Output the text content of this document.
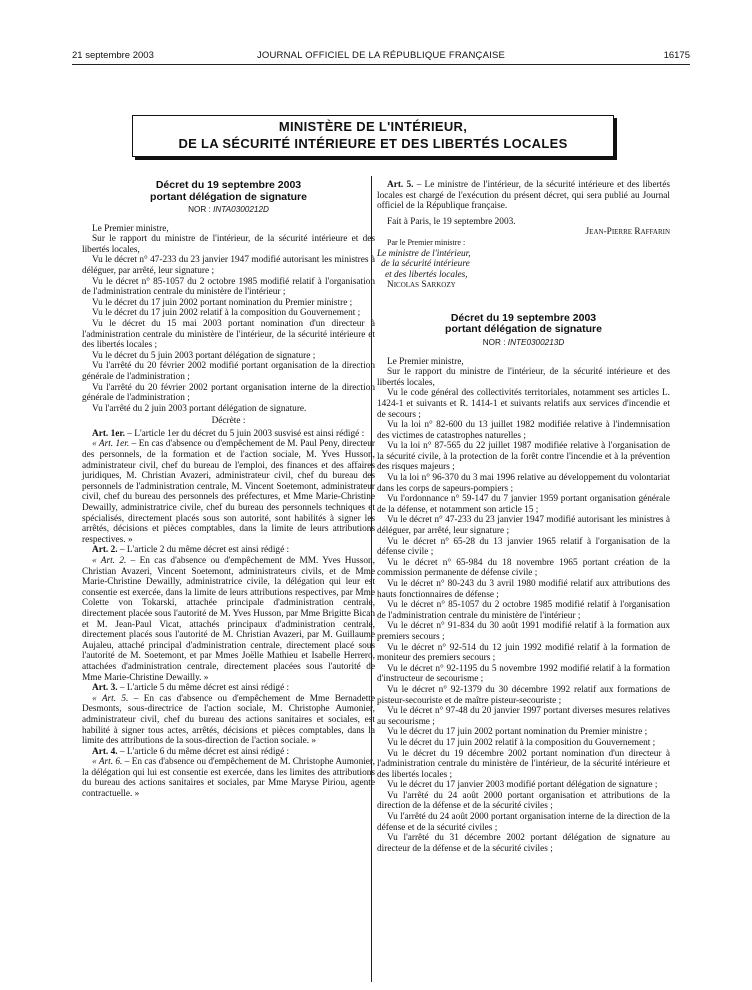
21 septembre 2003	JOURNAL OFFICIEL DE LA RÉPUBLIQUE FRANÇAISE	16175
MINISTÈRE DE L'INTÉRIEUR,
DE LA SÉCURITÉ INTÉRIEURE ET DES LIBERTÉS LOCALES

Décret du 19 septembre 2003

portant délégation de signature

NOR : INTA0300212D

Le Premier ministre,

Sur le rapport du ministre de l'intérieur, de la sécurité intérieure et des libertés locales,

Vu le décret n° 47-233 du 23 janvier 1947 modifié autorisant les ministres à déléguer, par arrêté, leur signature ;

Vu le décret n° 85-1057 du 2 octobre 1985 modifié relatif à l'organisation de l'administration centrale du ministère de l'intérieur ;

Vu le décret du 17 juin 2002 portant nomination du Premier ministre ;

Vu le décret du 17 juin 2002 relatif à la composition du Gouvernement ;

Vu le décret du 15 mai 2003 portant nomination d'un directeur à l'administration centrale du ministère de l'intérieur, de la sécurité intérieure et des libertés locales ;

Vu le décret du 5 juin 2003 portant délégation de signature ;

Vu l'arrêté du 20 février 2002 modifié portant organisation de la direction générale de l'administration ;

Vu l'arrêté du 20 février 2002 portant organisation interne de la direction générale de l'administration ;

Vu l'arrêté du 2 juin 2003 portant délégation de signature.

Décrète :

Art. 1er. – L'article 1er du décret du 5 juin 2003 susvisé est ainsi rédigé :

« Art. 1er. – En cas d'absence ou d'empêchement de M. Paul Peny, directeur des personnels, de la formation et de l'action sociale, M. Yves Husson, administrateur civil, chef du bureau de l'emploi, des finances et des affaires juridiques, M. Christian Avazeri, administrateur civil, chef du bureau des personnels de l'administration centrale, M. Vincent Soetemont, administrateur civil, chef du bureau des personnels des préfectures, et Mme Marie-Christine Dewailly, administratrice civile, chef du bureau des personnels techniques et spécialisés, directement placés sous son autorité, sont habilités à signer les arrêtés, décisions et pièces comptables, dans la limite de leurs attributions respectives. »

Art. 2. – L'article 2 du même décret est ainsi rédigé :

« Art. 2. – En cas d'absence ou d'empêchement de MM. Yves Husson, Christian Avazeri, Vincent Soetemont, administrateurs civils, et de Mme Marie-Christine Dewailly, administratrice civile, la délégation qui leur est consentie est exercée, dans la limite de leurs attributions respectives, par Mme Colette von Tokarski, attachée principale d'administration centrale, directement placée sous l'autorité de M. Yves Husson, par Mme Brigitte Bican et M. Jean-Paul Vicat, attachés principaux d'administration centrale, directement placés sous l'autorité de M. Christian Avazeri, par M. Guillaume Aujaleu, attaché principal d'administration centrale, directement placé sous l'autorité de M. Soetemont, et par Mmes Joëlle Mathieu et Isabelle Herrero, attachées d'administration centrale, directement placées sous l'autorité de Mme Marie-Christine Dewailly. »

Art. 3. – L'article 5 du même décret est ainsi rédigé :

« Art. 5. – En cas d'absence ou d'empêchement de Mme Bernadette Desmonts, sous-directrice de l'action sociale, M. Christophe Aumonier, administrateur civil, chef du bureau des actions sanitaires et sociales, est habilité à signer tous actes, arrêtés, décisions et pièces comptables, dans la limite des attributions de la sous-direction de l'action sociale. »

Art. 4. – L'article 6 du même décret est ainsi rédigé :

« Art. 6. – En cas d'absence ou d'empêchement de M. Christophe Aumonier, la délégation qui lui est consentie est exercée, dans les limites des attributions du bureau des actions sanitaires et sociales, par Mme Maryse Piriou, agente contractuelle. »

Art. 5. – Le ministre de l'intérieur, de la sécurité intérieure et des libertés locales est chargé de l'exécution du présent décret, qui sera publié au Journal officiel de la République française.

Fait à Paris, le 19 septembre 2003.

Jean-Pierre Raffarin

Par le Premier ministre :

Le ministre de l'intérieur,

de la sécurité intérieure

et des libertés locales,

Nicolas Sarkozy

Décret du 19 septembre 2003

portant délégation de signature

NOR : INTE0300213D

Le Premier ministre,

Sur le rapport du ministre de l'intérieur, de la sécurité intérieure et des libertés locales,

Vu le code général des collectivités territoriales, notamment ses articles L. 1424-1 et suivants et R. 1414-1 et suivants relatifs aux services d'incendie et de secours ;

Vu la loi n° 82-600 du 13 juillet 1982 modifiée relative à l'indemnisation des victimes de catastrophes naturelles ;

Vu la loi n° 87-565 du 22 juillet 1987 modifiée relative à l'organisation de la sécurité civile, à la protection de la forêt contre l'incendie et à la prévention des risques majeurs ;

Vu la loi n° 96-370 du 3 mai 1996 relative au développement du volontariat dans les corps de sapeurs-pompiers ;

Vu l'ordonnance n° 59-147 du 7 janvier 1959 portant organisation générale de la défense, et notamment son article 15 ;

Vu le décret n° 47-233 du 23 janvier 1947 modifié autorisant les ministres à déléguer, par arrêté, leur signature ;

Vu le décret n° 65-28 du 13 janvier 1965 relatif à l'organisation de la défense civile ;

Vu le décret n° 65-984 du 18 novembre 1965 portant création de la commission permanente de défense civile ;

Vu le décret n° 80-243 du 3 avril 1980 modifié relatif aux attributions des hauts fonctionnaires de défense ;

Vu le décret n° 85-1057 du 2 octobre 1985 modifié relatif à l'organisation de l'administration centrale du ministère de l'intérieur ;

Vu le décret n° 91-834 du 30 août 1991 modifié relatif à la formation aux premiers secours ;

Vu le décret n° 92-514 du 12 juin 1992 modifié relatif à la formation de moniteur des premiers secours ;

Vu le décret n° 92-1195 du 5 novembre 1992 modifié relatif à la formation d'instructeur de secourisme ;

Vu le décret n° 92-1379 du 30 décembre 1992 relatif aux formations de pisteur-secouriste et de maître pisteur-secouriste ;

Vu le décret n° 97-48 du 20 janvier 1997 portant diverses mesures relatives au secourisme ;

Vu le décret du 17 juin 2002 portant nomination du Premier ministre ;

Vu le décret du 17 juin 2002 relatif à la composition du Gouvernement ;

Vu le décret du 19 décembre 2002 portant nomination d'un directeur à l'administration centrale du ministère de l'intérieur, de la sécurité intérieure et des libertés locales ;

Vu le décret du 17 janvier 2003 modifié portant délégation de signature ;

Vu l'arrêté du 24 août 2000 portant organisation et attributions de la direction de la défense et de la sécurité civiles ;

Vu l'arrêté du 24 août 2000 portant organisation interne de la direction de la défense et de la sécurité civiles ;

Vu l'arrêté du 31 décembre 2002 portant délégation de signature au directeur de la défense et de la sécurité civiles ;
